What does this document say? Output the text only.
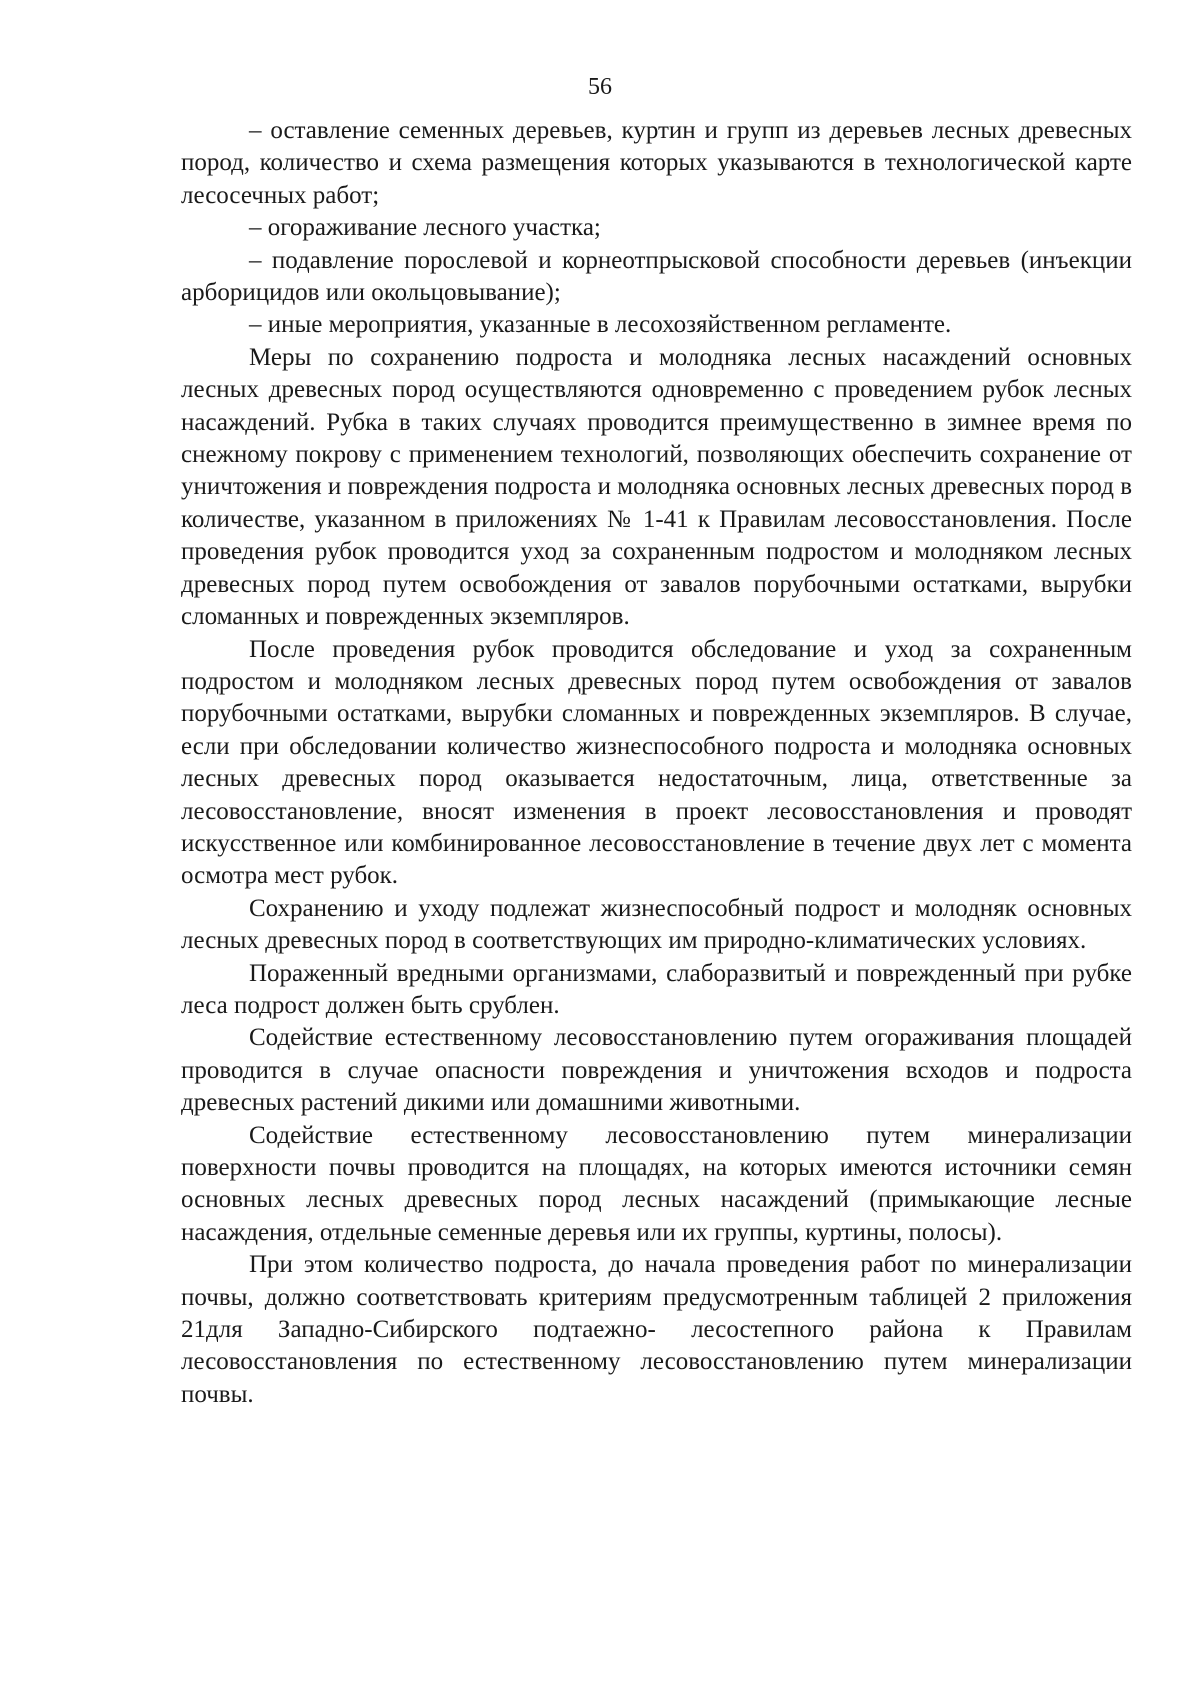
56

– оставление семенных деревьев, куртин и групп из деревьев лесных древесных пород, количество и схема размещения которых указываются в технологической карте лесосечных работ;

– огораживание лесного участка;

– подавление порослевой и корнеотпрысковой способности деревьев (инъекции арборицидов или окольцовывание);

– иные мероприятия, указанные в лесохозяйственном регламенте.

Меры по сохранению подроста и молодняка лесных насаждений основных лесных древесных пород осуществляются одновременно с проведением рубок лесных насаждений. Рубка в таких случаях проводится преимущественно в зимнее время по снежному покрову с применением технологий, позволяющих обеспечить сохранение от уничтожения и повреждения подроста и молодняка основных лесных древесных пород в количестве, указанном в приложениях № 1-41 к Правилам лесовосстановления. После проведения рубок проводится уход за сохраненным подростом и молодняком лесных древесных пород путем освобождения от завалов порубочными остатками, вырубки сломанных и поврежденных экземпляров.

После проведения рубок проводится обследование и уход за сохраненным подростом и молодняком лесных древесных пород путем освобождения от завалов порубочными остатками, вырубки сломанных и поврежденных экземпляров. В случае, если при обследовании количество жизнеспособного подроста и молодняка основных лесных древесных пород оказывается недостаточным, лица, ответственные за лесовосстановление, вносят изменения в проект лесовосстановления и проводят искусственное или комбинированное лесовосстановление в течение двух лет с момента осмотра мест рубок.

Сохранению и уходу подлежат жизнеспособный подрост и молодняк основных лесных древесных пород в соответствующих им природно-климатических условиях.

Пораженный вредными организмами, слаборазвитый и поврежденный при рубке леса подрост должен быть срублен.

Содействие естественному лесовосстановлению путем огораживания площадей проводится в случае опасности повреждения и уничтожения всходов и подроста древесных растений дикими или домашними животными.

Содействие естественному лесовосстановлению путем минерализации поверхности почвы проводится на площадях, на которых имеются источники семян основных лесных древесных пород лесных насаждений (примыкающие лесные насаждения, отдельные семенные деревья или их группы, куртины, полосы).

При этом количество подроста, до начала проведения работ по минерализации почвы, должно соответствовать критериям предусмотренным таблицей 2 приложения 21для Западно-Сибирского подтаежно- лесостепного района к Правилам лесовосстановления по естественному лесовосстановлению путем минерализации почвы.
